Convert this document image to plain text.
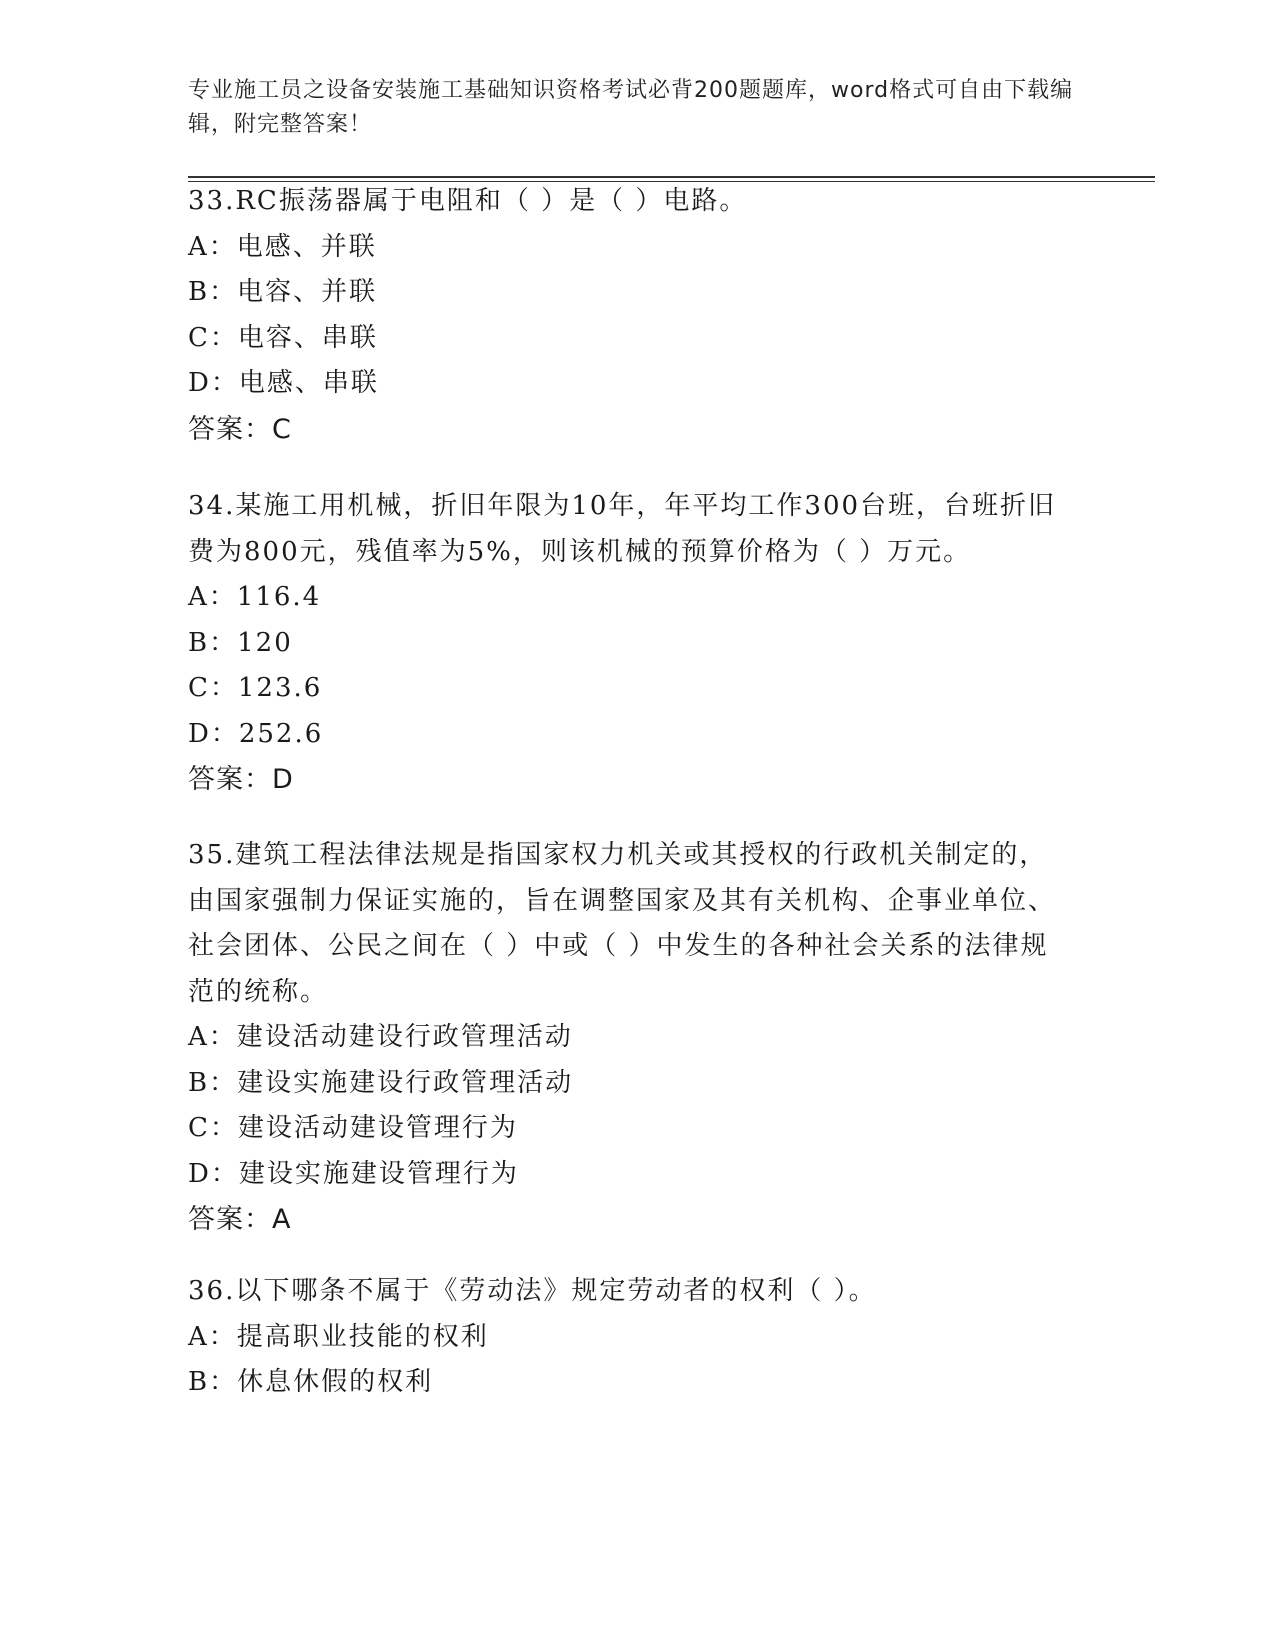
专业施工员之设备安装施工基础知识资格考试必背200题题库，word格式可自由下载编辑，附完整答案！
33.RC振荡器属于电阻和（ ）是（ ）电路。
A：电感、并联
B：电容、并联
C：电容、串联
D：电感、串联
答案：C
34.某施工用机械，折旧年限为10年，年平均工作300台班，台班折旧费为800元，残值率为5%，则该机械的预算价格为（ ）万元。
A：116.4
B：120
C：123.6
D：252.6
答案：D
35.建筑工程法律法规是指国家权力机关或其授权的行政机关制定的，由国家强制力保证实施的，旨在调整国家及其有关机构、企事业单位、社会团体、公民之间在（ ）中或（ ）中发生的各种社会关系的法律规范的统称。
A：建设活动建设行政管理活动
B：建设实施建设行政管理活动
C：建设活动建设管理行为
D：建设实施建设管理行为
答案：A
36.以下哪条不属于《劳动法》规定劳动者的权利（ ）。
A：提高职业技能的权利
B：休息休假的权利
